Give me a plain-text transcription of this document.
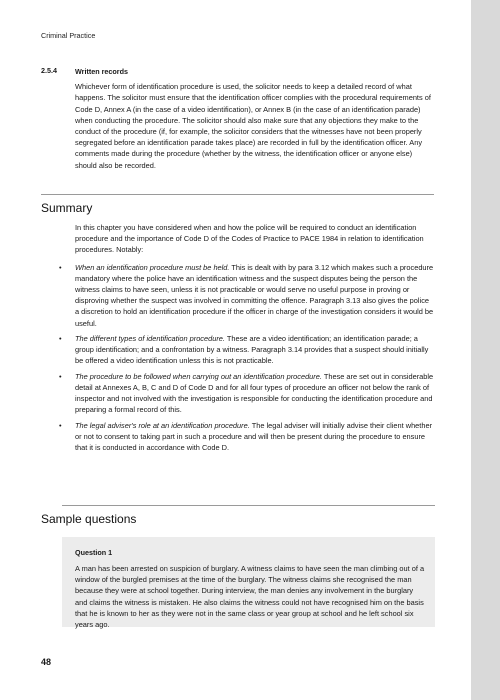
Criminal Practice
2.5.4	Written records

Whichever form of identification procedure is used, the solicitor needs to keep a detailed record of what happens. The solicitor must ensure that the identification officer complies with the procedural requirements of Code D, Annex A (in the case of a video identification), or Annex B (in the case of an identification parade) when conducting the procedure. The solicitor should also make sure that any objections they make to the conduct of the procedure (if, for example, the solicitor considers that the witnesses have not been properly segregated before an identification parade takes place) are recorded in full by the identification officer. Any comments made during the procedure (whether by the witness, the identification officer or anyone else) should also be recorded.

Summary

In this chapter you have considered when and how the police will be required to conduct an identification procedure and the importance of Code D of the Codes of Practice to PACE 1984 in relation to identification procedures. Notably:

• When an identification procedure must be held. This is dealt with by para 3.12 which makes such a procedure mandatory where the police have an identification witness and the suspect disputes being the person the witness claims to have seen, unless it is not practicable or would serve no useful purpose in proving or disproving whether the suspect was involved in committing the offence. Paragraph 3.13 also gives the police a discretion to hold an identification procedure if the officer in charge of the investigation considers it would be useful.
• The different types of identification procedure. These are a video identification; an identification parade; a group identification; and a confrontation by a witness. Paragraph 3.14 provides that a suspect should initially be offered a video identification unless this is not practicable.
• The procedure to be followed when carrying out an identification procedure. These are set out in considerable detail at Annexes A, B, C and D of Code D and for all four types of procedure an officer not below the rank of inspector and not involved with the investigation is responsible for conducting the identification procedure and preparing a formal record of this.
• The legal adviser's role at an identification procedure. The legal adviser will initially advise their client whether or not to consent to taking part in such a procedure and will then be present during the procedure to ensure that it is conducted in accordance with Code D.
Sample questions
Question 1
A man has been arrested on suspicion of burglary. A witness claims to have seen the man climbing out of a window of the burgled premises at the time of the burglary. The witness claims she recognised the man because they were at school together. During interview, the man denies any involvement in the burglary and claims the witness is mistaken. He also claims the witness could not have recognised him on the basis that he is known to her as they were not in the same class or year group at school and he left school six years ago.
48
